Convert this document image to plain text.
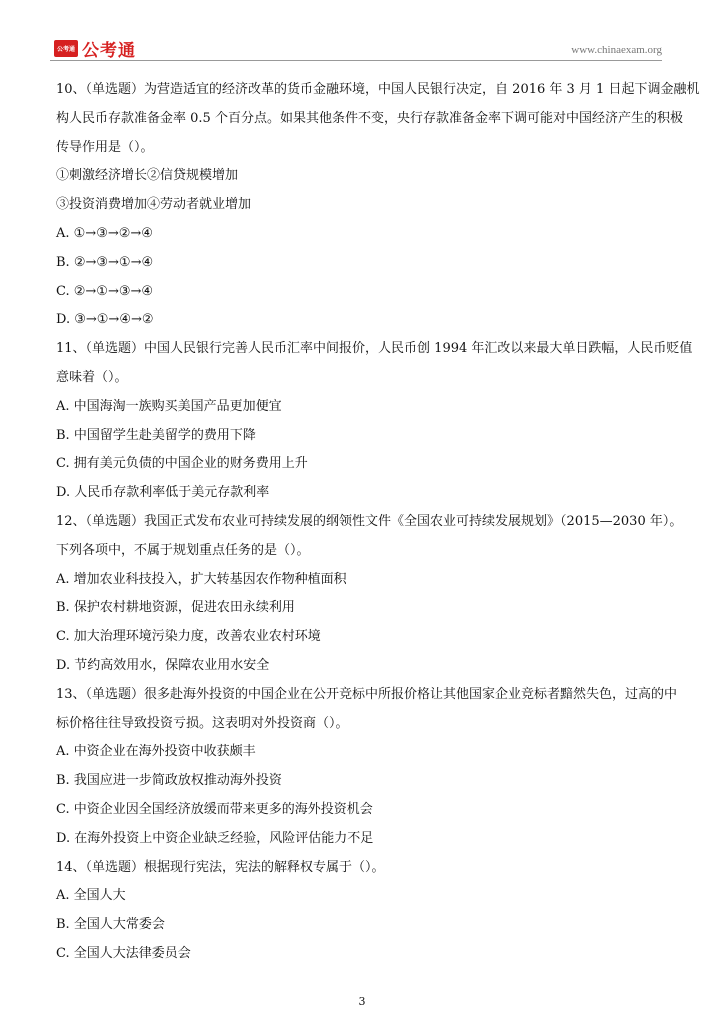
公考通 公考通	www.chinaexam.org
10、（单选题）为营造适宜的经济改革的货币金融环境，中国人民银行决定，自 2016 年 3 月 1 日起下调金融机
构人民币存款准备金率 0.5 个百分点。如果其他条件不变，央行存款准备金率下调可能对中国经济产生的积极
传导作用是（）。
①刺激经济增长②信贷规模增加
③投资消费增加④劳动者就业增加
A. ①→③→②→④
B. ②→③→①→④
C. ②→①→③→④
D. ③→①→④→②
11、（单选题）中国人民银行完善人民币汇率中间报价，人民币创 1994 年汇改以来最大单日跌幅，人民币贬值
意味着（）。
A. 中国海淘一族购买美国产品更加便宜
B. 中国留学生赴美留学的费用下降
C. 拥有美元负债的中国企业的财务费用上升
D. 人民币存款利率低于美元存款利率
12、（单选题）我国正式发布农业可持续发展的纲领性文件《全国农业可持续发展规划》（2015—2030 年）。
下列各项中，不属于规划重点任务的是（）。
A. 增加农业科技投入，扩大转基因农作物种植面积
B. 保护农村耕地资源，促进农田永续利用
C. 加大治理环境污染力度，改善农业农村环境
D. 节约高效用水，保障农业用水安全
13、（单选题）很多赴海外投资的中国企业在公开竞标中所报价格让其他国家企业竞标者黯然失色，过高的中
标价格往往导致投资亏损。这表明对外投资商（）。
A. 中资企业在海外投资中收获颇丰
B. 我国应进一步简政放权推动海外投资
C. 中资企业因全国经济放缓而带来更多的海外投资机会
D. 在海外投资上中资企业缺乏经验，风险评估能力不足
14、（单选题）根据现行宪法，宪法的解释权专属于（）。
A. 全国人大
B. 全国人大常委会
C. 全国人大法律委员会
3
